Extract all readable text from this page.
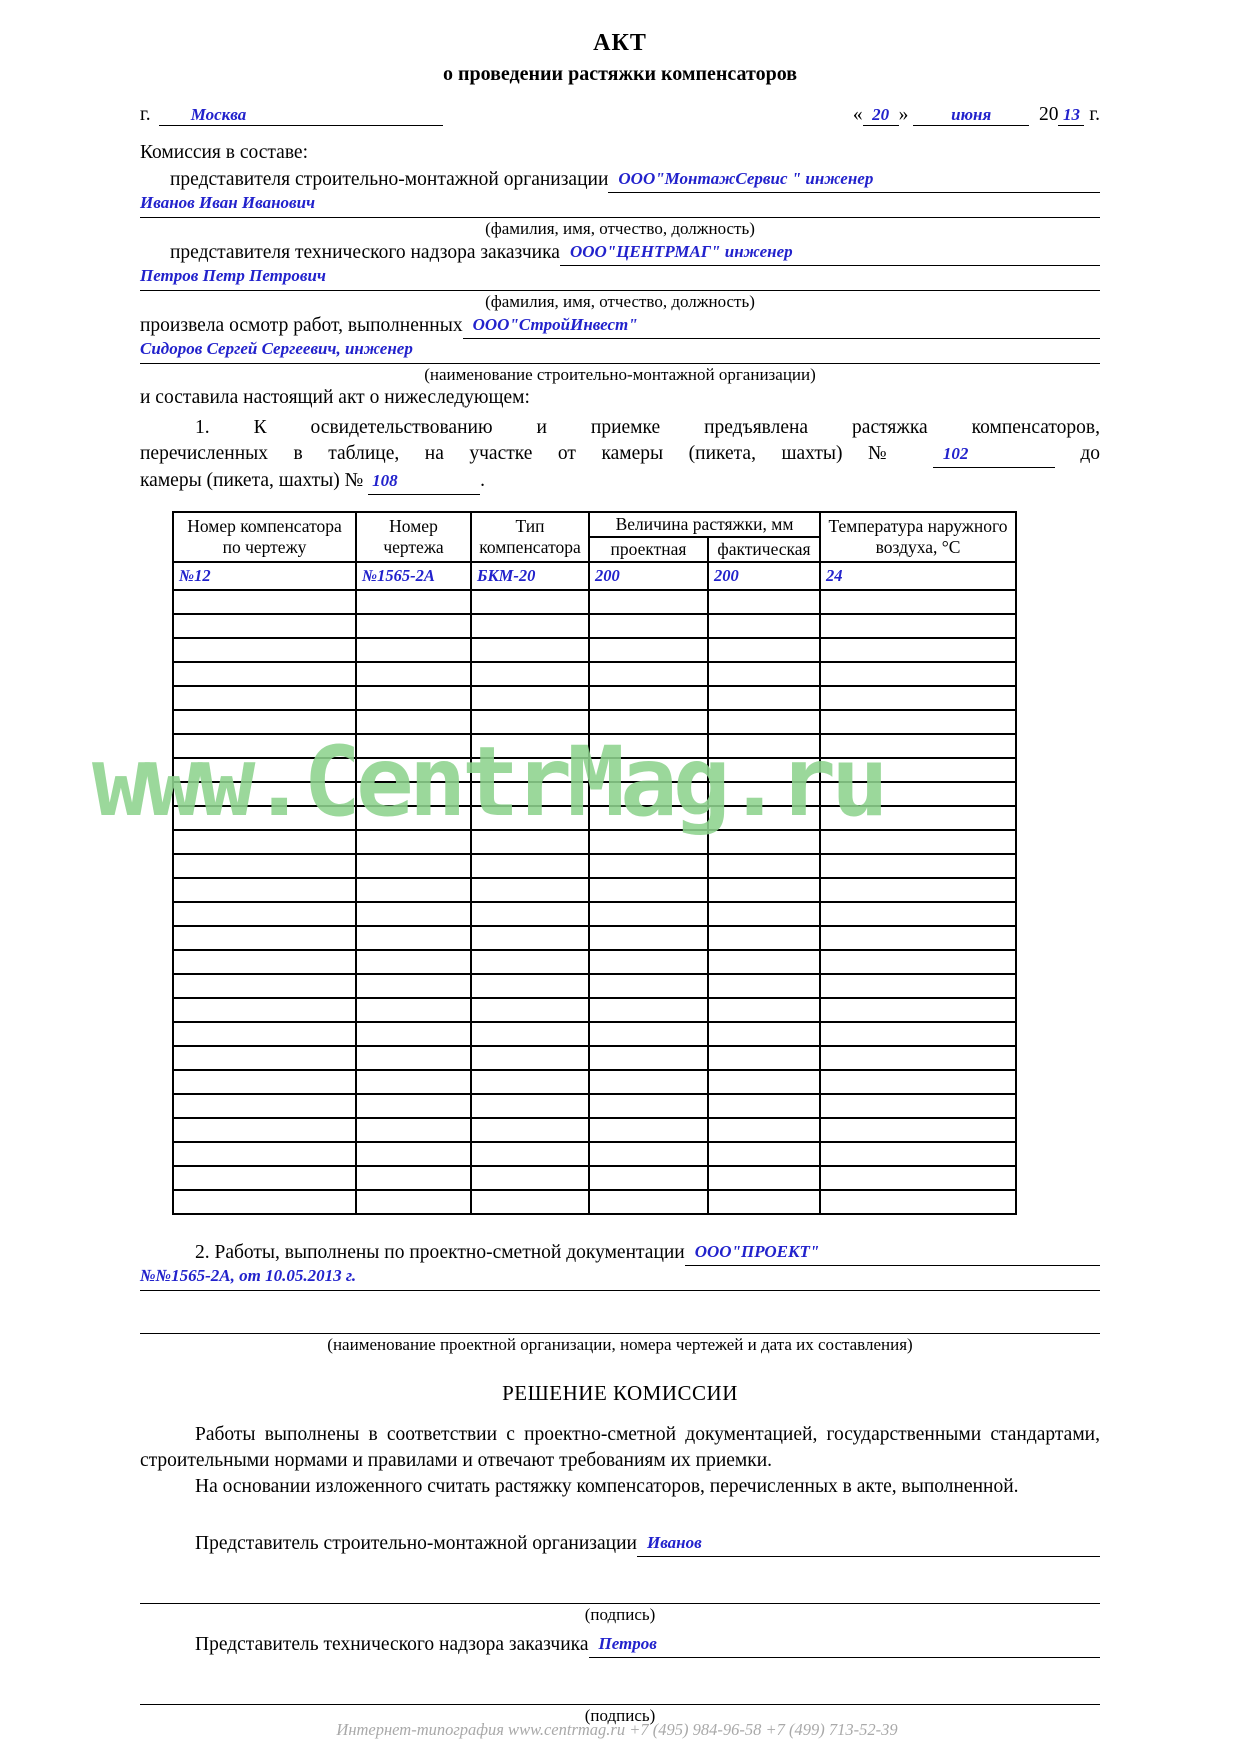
www.CentrMag.ru
АКТ
о проведении растяжки компенсаторов
г.	Москва	« 20 »
	июня
	20 13 г.
Комиссия в составе:
представителя строительно-монтажной организации ООО"МонтажСервис " инженер
Иванов Иван Иванович
(фамилия, имя, отчество, должность)
представителя технического надзора заказчика ООО"ЦЕНТРМАГ" инженер
Петров Петр Петрович
(фамилия, имя, отчество, должность)
произвела осмотр работ, выполненных ООО"СтройИнвест"
Сидоров Сергей Сергеевич, инженер
(наименование строительно-монтажной организации)
и составила настоящий акт о нижеследующем:
1. К освидетельствованию и приемке предъявлена растяжка компенсаторов,
перечисленных в таблице, на участке от камеры (пикета, шахты) № 102	до
камеры (пикета, шахты) № 108	.
Номер компенсатора по чертежу	Номер чертежа	Тип компенсатора	Величина растяжки, мм		Температура наружного воздуха, °С
			проектная	фактическая	
№12	№1565-2А	БКМ-20	200	200	24

2. Работы, выполнены по проектно-сметной документации ООО"ПРОЕКТ"
№№1565-2А, от 10.05.2013 г.
(наименование проектной организации, номера чертежей и дата их составления)
РЕШЕНИЕ КОМИССИИ
Работы выполнены в соответствии с проектно-сметной документацией, государственными стандартами, строительными нормами и правилами и отвечают требованиям их приемки.
На основании изложенного считать растяжку компенсаторов, перечисленных в акте, выполненной.
Представитель строительно-монтажной организации Иванов
(подпись)
Представитель технического надзора заказчика Петров
(подпись)
Интернет-типография www.centrmag.ru +7 (495) 984-96-58 +7 (499) 713-52-39
